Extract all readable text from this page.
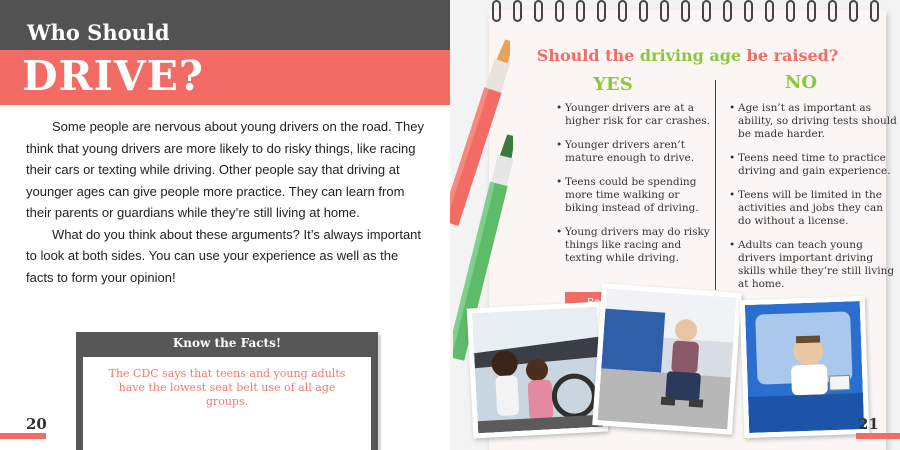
Who Should
DRIVE?

Some people are nervous about young drivers on the road. They think that young drivers are more likely to do risky things, like racing their cars or texting while driving. Other people say that driving at younger ages can give people more practice. They can learn from their parents or guardians while they’re still living at home.

What do you think about these arguments? It’s always important to look at both sides. You can use your experience as well as the facts to form your opinion!

Know the Facts!
The CDC says that teens and young adults have the lowest seat belt use of all age groups.
20
Should the driving age be raised?
YES	NO
• Younger drivers are at a higher risk for car crashes.
• Younger drivers aren’t mature enough to drive.
• Teens could be spending more time walking or biking instead of driving.
• Young drivers may do risky things like racing and texting while driving.
• Age isn’t as important as ability, so driving tests should be made harder.
• Teens need time to practice driving and gain experience.
• Teens will be limited in the activities and jobs they can do without a license.
• Adults can teach young drivers important driving skills while they’re still living at home.
21
